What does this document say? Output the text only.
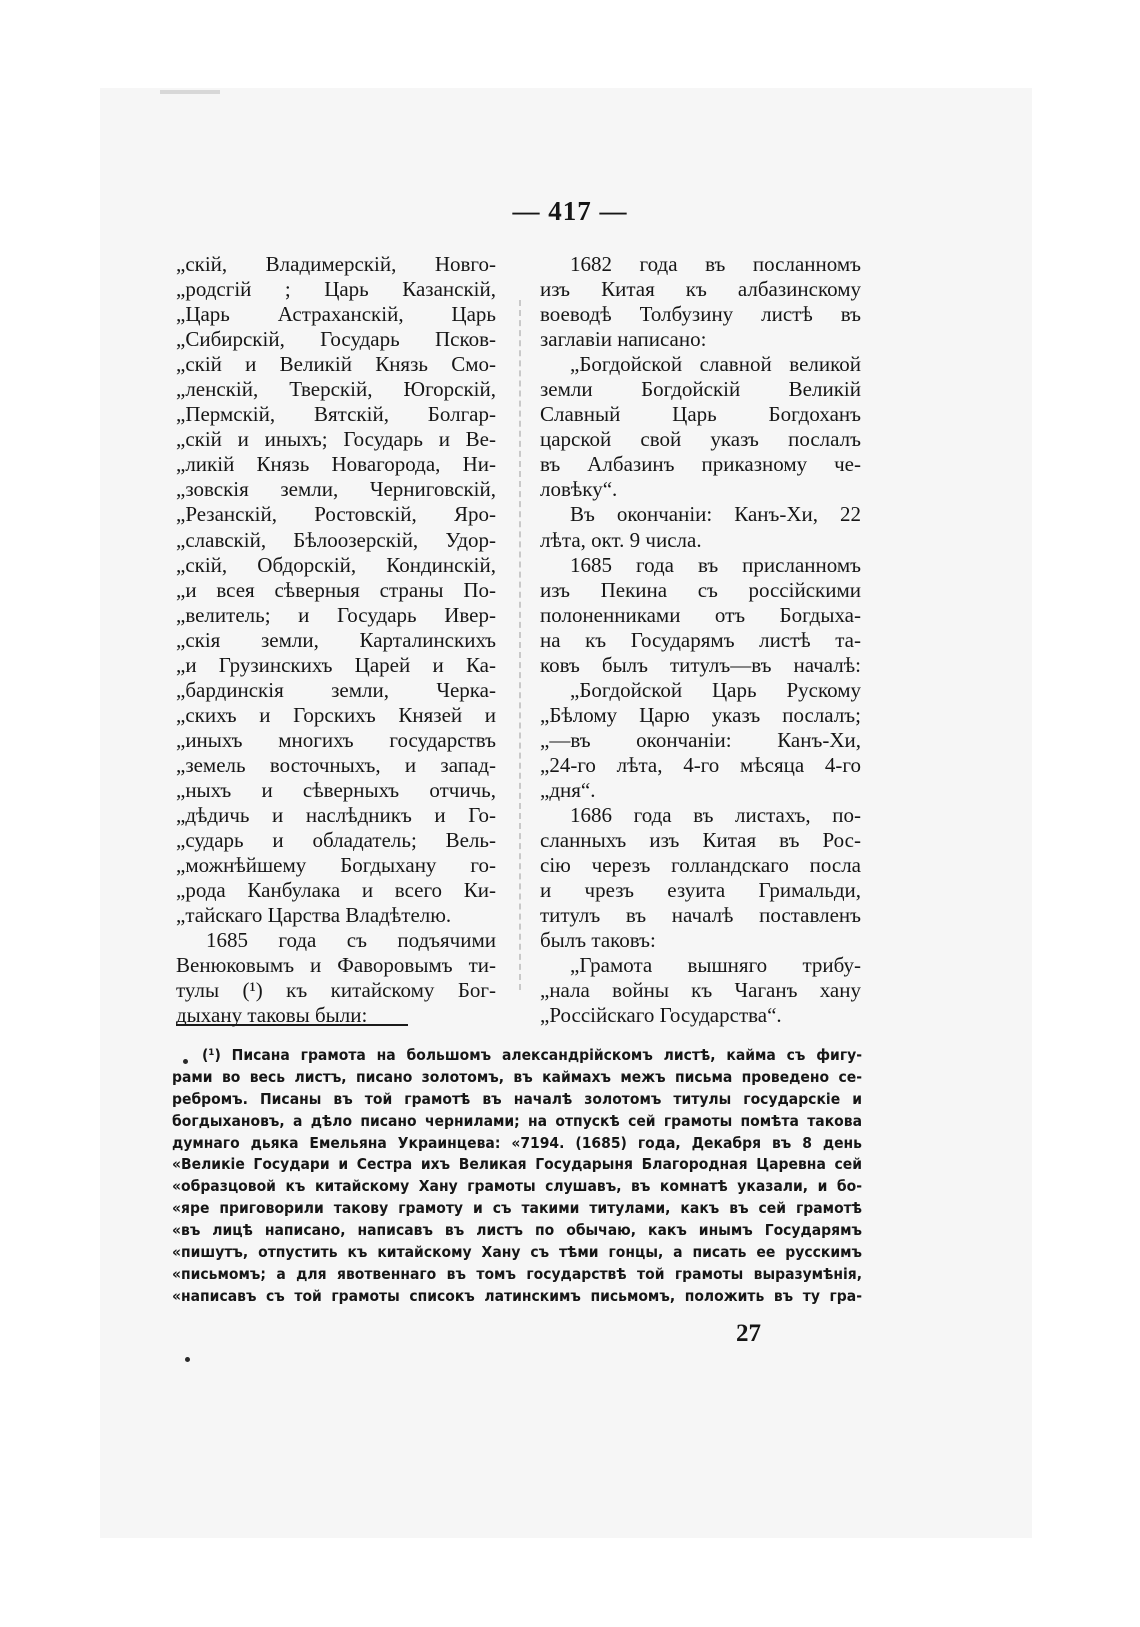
— 417 —
„скій, Владимерскій, Новго-
„родсгій ; Царь Казанскій,
„Царь Астраханскій, Царь
„Сибирскій, Государь Псков-
„скій и Великій Князь Смо-
„ленскій, Тверскій, Югорскій,
„Пермскій, Вятскій, Болгар-
„скій и иныхъ; Государь и Ве-
„ликій Князь Новагорода, Ни-
„зовскія земли, Черниговскій,
„Резанскій, Ростовскій, Яро-
„славскій, Бѣлоозерскій, Удор-
„скій, Обдорскій, Кондинскій,
„и всея сѣверныя страны По-
„велитель; и Государь Ивер-
„скія земли, Карталинскихъ
„и Грузинскихъ Царей и Ка-
„бардинскія земли, Черка-
„скихъ и Горскихъ Князей и
„иныхъ многихъ государствъ
„земель восточныхъ, и запад-
„ныхъ и сѣверныхъ отчичь,
„дѣдичь и наслѣдникъ и Го-
„сударь и обладатель; Вель-
„можнѣйшему Богдыхану го-
„рода Канбулака и всего Ки-
„тайскаго Царства Владѣтелю.
1685 года съ подъячими
Венюковымъ и Фаворовымъ ти-
тулы (¹) къ китайскому Бог-
дыхану таковы были:
1682 года въ посланномъ
изъ Китая къ албазинскому
воеводѣ Толбузину листѣ въ
заглавіи написано:
„Богдойской славной великой
земли Богдойскій Великій
Славный Царь Богдоханъ
царской свой указъ послалъ
въ Албазинъ приказному че-
ловѣку“.
Въ окончаніи: Канъ-Хи, 22
лѣта, окт. 9 числа.
1685 года въ присланномъ
изъ Пекина съ россійскими
полоненниками отъ Богдыха-
на къ Государямъ листѣ та-
ковъ былъ титулъ—въ началѣ:
„Богдойской Царь Рускому
„Бѣлому Царю указъ послалъ;
„—въ окончаніи: Канъ-Хи,
„24-го лѣта, 4-го мѣсяца 4-го
„дня“.
1686 года въ листахъ, по-
сланныхъ изъ Китая въ Рос-
сію черезъ голландскаго посла
и чрезъ езуита Гримальди,
титулъ въ началѣ поставленъ
былъ таковъ:
„Грамота вышняго трибу-
„нала войны къ Чаганъ хану
„Россійскаго Государства“.
(¹) Писана грамота на большомъ александрійскомъ листѣ, кайма съ фигу-
рами во весь листъ, писано золотомъ, въ каймахъ межъ письма проведено се-
ребромъ. Писаны въ той грамотѣ въ началѣ золотомъ титулы государскіе и
богдыхановъ, а дѣло писано чернилами; на отпускѣ сей грамоты помѣта такова
думнаго дьяка Емельяна Украинцева: «7194. (1685) года, Декабря въ 8 день
«Великіе Государи и Сестра ихъ Великая Государыня Благородная Царевна сей
«образцовой къ китайскому Хану грамоты слушавъ, въ комнатѣ указали, и бо-
«яре приговорили такову грамоту и съ такими титулами, какъ въ сей грамотѣ
«въ лицѣ написано, написавъ въ листъ по обычаю, какъ инымъ Государямъ
«пишутъ, отпустить къ китайскому Хану съ тѣми гонцы, а писать ее русскимъ
«письмомъ; а для явотвеннаго въ томъ государствѣ той грамоты выразумѣнія,
«написавъ съ той грамоты списокъ латинскимъ письмомъ, положить въ ту гра-
27
